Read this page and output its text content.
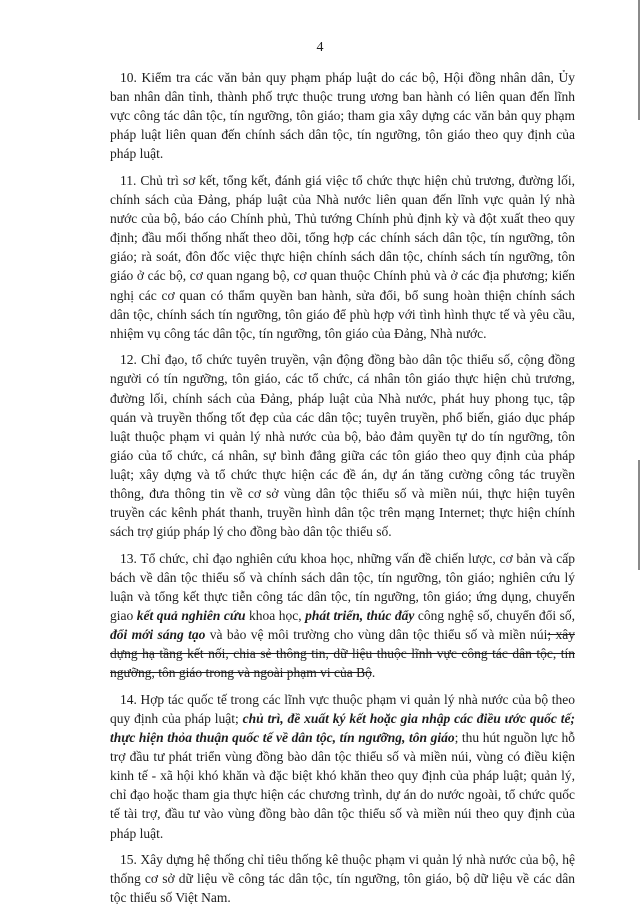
4

10. Kiểm tra các văn bản quy phạm pháp luật do các bộ, Hội đồng nhân dân, Ủy ban nhân dân tỉnh, thành phố trực thuộc trung ương ban hành có liên quan đến lĩnh vực công tác dân tộc, tín ngưỡng, tôn giáo; tham gia xây dựng các văn bản quy phạm pháp luật liên quan đến chính sách dân tộc, tín ngưỡng, tôn giáo theo quy định của pháp luật.

11. Chủ trì sơ kết, tổng kết, đánh giá việc tổ chức thực hiện chủ trương, đường lối, chính sách của Đảng, pháp luật của Nhà nước liên quan đến lĩnh vực quản lý nhà nước của bộ, báo cáo Chính phủ, Thủ tướng Chính phủ định kỳ và đột xuất theo quy định; đầu mối thống nhất theo dõi, tổng hợp các chính sách dân tộc, tín ngưỡng, tôn giáo; rà soát, đôn đốc việc thực hiện chính sách dân tộc, chính sách tín ngưỡng, tôn giáo ở các bộ, cơ quan ngang bộ, cơ quan thuộc Chính phủ và ở các địa phương; kiến nghị các cơ quan có thẩm quyền ban hành, sửa đổi, bổ sung hoàn thiện chính sách dân tộc, chính sách tín ngưỡng, tôn giáo để phù hợp với tình hình thực tế và yêu cầu, nhiệm vụ công tác dân tộc, tín ngưỡng, tôn giáo của Đảng, Nhà nước.

12. Chỉ đạo, tổ chức tuyên truyền, vận động đồng bào dân tộc thiểu số, cộng đồng người có tín ngưỡng, tôn giáo, các tổ chức, cá nhân tôn giáo thực hiện chủ trương, đường lối, chính sách của Đảng, pháp luật của Nhà nước, phát huy phong tục, tập quán và truyền thống tốt đẹp của các dân tộc; tuyên truyền, phổ biến, giáo dục pháp luật thuộc phạm vi quản lý nhà nước của bộ, bảo đảm quyền tự do tín ngưỡng, tôn giáo của tổ chức, cá nhân, sự bình đẳng giữa các tôn giáo theo quy định của pháp luật; xây dựng và tổ chức thực hiện các đề án, dự án tăng cường công tác truyền thông, đưa thông tin về cơ sở vùng dân tộc thiểu số và miền núi, thực hiện tuyên truyền các kênh phát thanh, truyền hình dân tộc trên mạng Internet; thực hiện chính sách trợ giúp pháp lý cho đồng bào dân tộc thiểu số.

13. Tổ chức, chỉ đạo nghiên cứu khoa học, những vấn đề chiến lược, cơ bản và cấp bách về dân tộc thiểu số và chính sách dân tộc, tín ngưỡng, tôn giáo; nghiên cứu lý luận và tổng kết thực tiễn công tác dân tộc, tín ngưỡng, tôn giáo; ứng dụng, chuyển giao kết quả nghiên cứu khoa học, phát triển, thúc đẩy công nghệ số, chuyển đổi số, đổi mới sáng tạo và bảo vệ môi trường cho vùng dân tộc thiểu số và miền núi; xây dựng hạ tầng kết nối, chia sẻ thông tin, dữ liệu thuộc lĩnh vực công tác dân tộc, tín ngưỡng, tôn giáo trong và ngoài phạm vi của Bộ.

14. Hợp tác quốc tế trong các lĩnh vực thuộc phạm vi quản lý nhà nước của bộ theo quy định của pháp luật; chủ trì, đề xuất ký kết hoặc gia nhập các điều ước quốc tế; thực hiện thỏa thuận quốc tế về dân tộc, tín ngưỡng, tôn giáo; thu hút nguồn lực hỗ trợ đầu tư phát triển vùng đồng bào dân tộc thiểu số và miền núi, vùng có điều kiện kinh tế - xã hội khó khăn và đặc biệt khó khăn theo quy định của pháp luật; quản lý, chỉ đạo hoặc tham gia thực hiện các chương trình, dự án do nước ngoài, tổ chức quốc tế tài trợ, đầu tư vào vùng đồng bào dân tộc thiểu số và miền núi theo quy định của pháp luật.

15. Xây dựng hệ thống chỉ tiêu thống kê thuộc phạm vi quản lý nhà nước của bộ, hệ thống cơ sở dữ liệu về công tác dân tộc, tín ngưỡng, tôn giáo, bộ dữ liệu về các dân tộc thiểu số Việt Nam.
